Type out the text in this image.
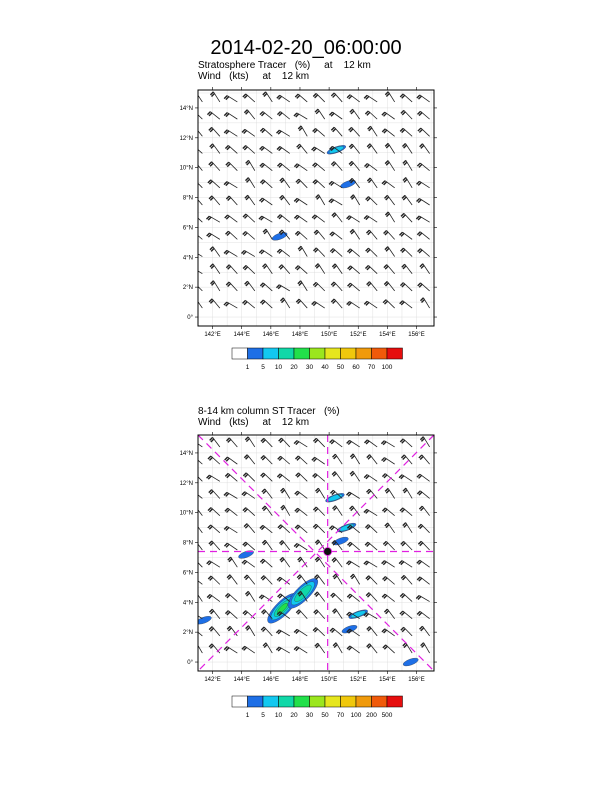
2014-02-20_06:00:00
Stratosphere Tracer   (%)     at    12 km
Wind   (kts)     at    12 km
142°E 144°E 146°E 148°E 150°E 152°E 154°E 156°E
0°
2°N
4°N
6°N
8°N
10°N
12°N
14°N
1 5 10 20 30 40 50 60 70 100
8-14 km column ST Tracer   (%)
Wind   (kts)     at    12 km
142°E 144°E 146°E 148°E 150°E 152°E 154°E 156°E
0°
2°N
4°N
6°N
8°N
10°N
12°N
14°N
1 5 10 20 30 50 70 100 200 500
